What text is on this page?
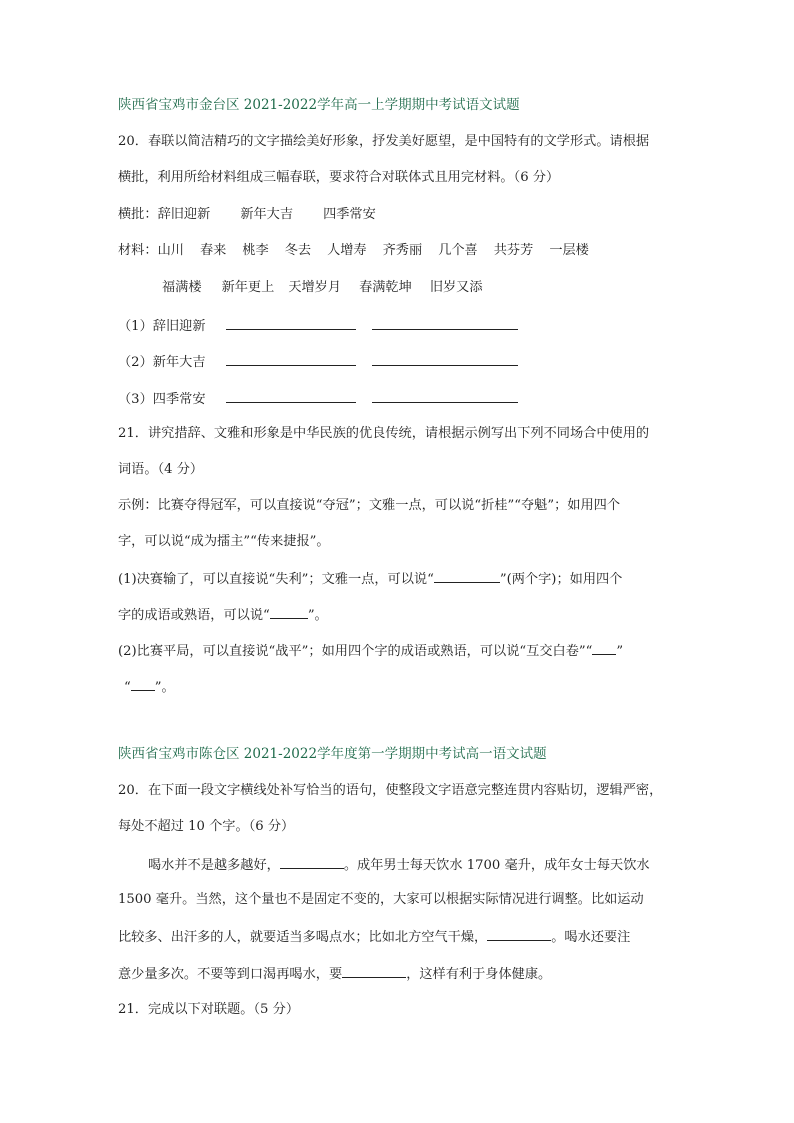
陕西省宝鸡市金台区 2021-2022学年高一上学期期中考试语文试题
20．春联以简洁精巧的文字描绘美好形象，抒发美好愿望，是中国特有的文学形式。请根据
横批，利用所给材料组成三幅春联，要求符合对联体式且用完材料。（6 分）
横批：辞旧迎新 新年大吉 四季常安
材料：山川 春来 桃李 冬去 人增寿 齐秀丽 几个喜 共芬芳 一层楼
福满楼 新年更上 天增岁月 春满乾坤 旧岁又添
（1）辞旧迎新
（2）新年大吉
（3）四季常安
21．讲究措辞、文雅和形象是中华民族的优良传统，请根据示例写出下列不同场合中使用的
词语。（4 分）
示例：比赛夺得冠军，可以直接说“夺冠”；文雅一点，可以说“折桂”“夺魁”；如用四个
字，可以说“成为擂主”“传来捷报”。
(1)决赛输了，可以直接说“失利”；文雅一点，可以说“	”(两个字)；如用四个
字的成语或熟语，可以说“	”。
(2)比赛平局，可以直接说“战平”；如用四个字的成语或熟语，可以说“互交白卷”“ ”
“ ”。
陕西省宝鸡市陈仓区 2021-2022学年度第一学期期中考试高一语文试题
20．在下面一段文字横线处补写恰当的语句，使整段文字语意完整连贯内容贴切，逻辑严密，
每处不超过 10 个字。（6 分）
喝水并不是越多越好，	。成年男士每天饮水 1700 毫升，成年女士每天饮水
1500 毫升。当然，这个量也不是固定不变的，大家可以根据实际情况进行调整。比如运动
比较多、出汗多的人，就要适当多喝点水；比如北方空气干燥，	。喝水还要注
意少量多次。不要等到口渴再喝水，要	，这样有利于身体健康。
21．完成以下对联题。（5 分）
